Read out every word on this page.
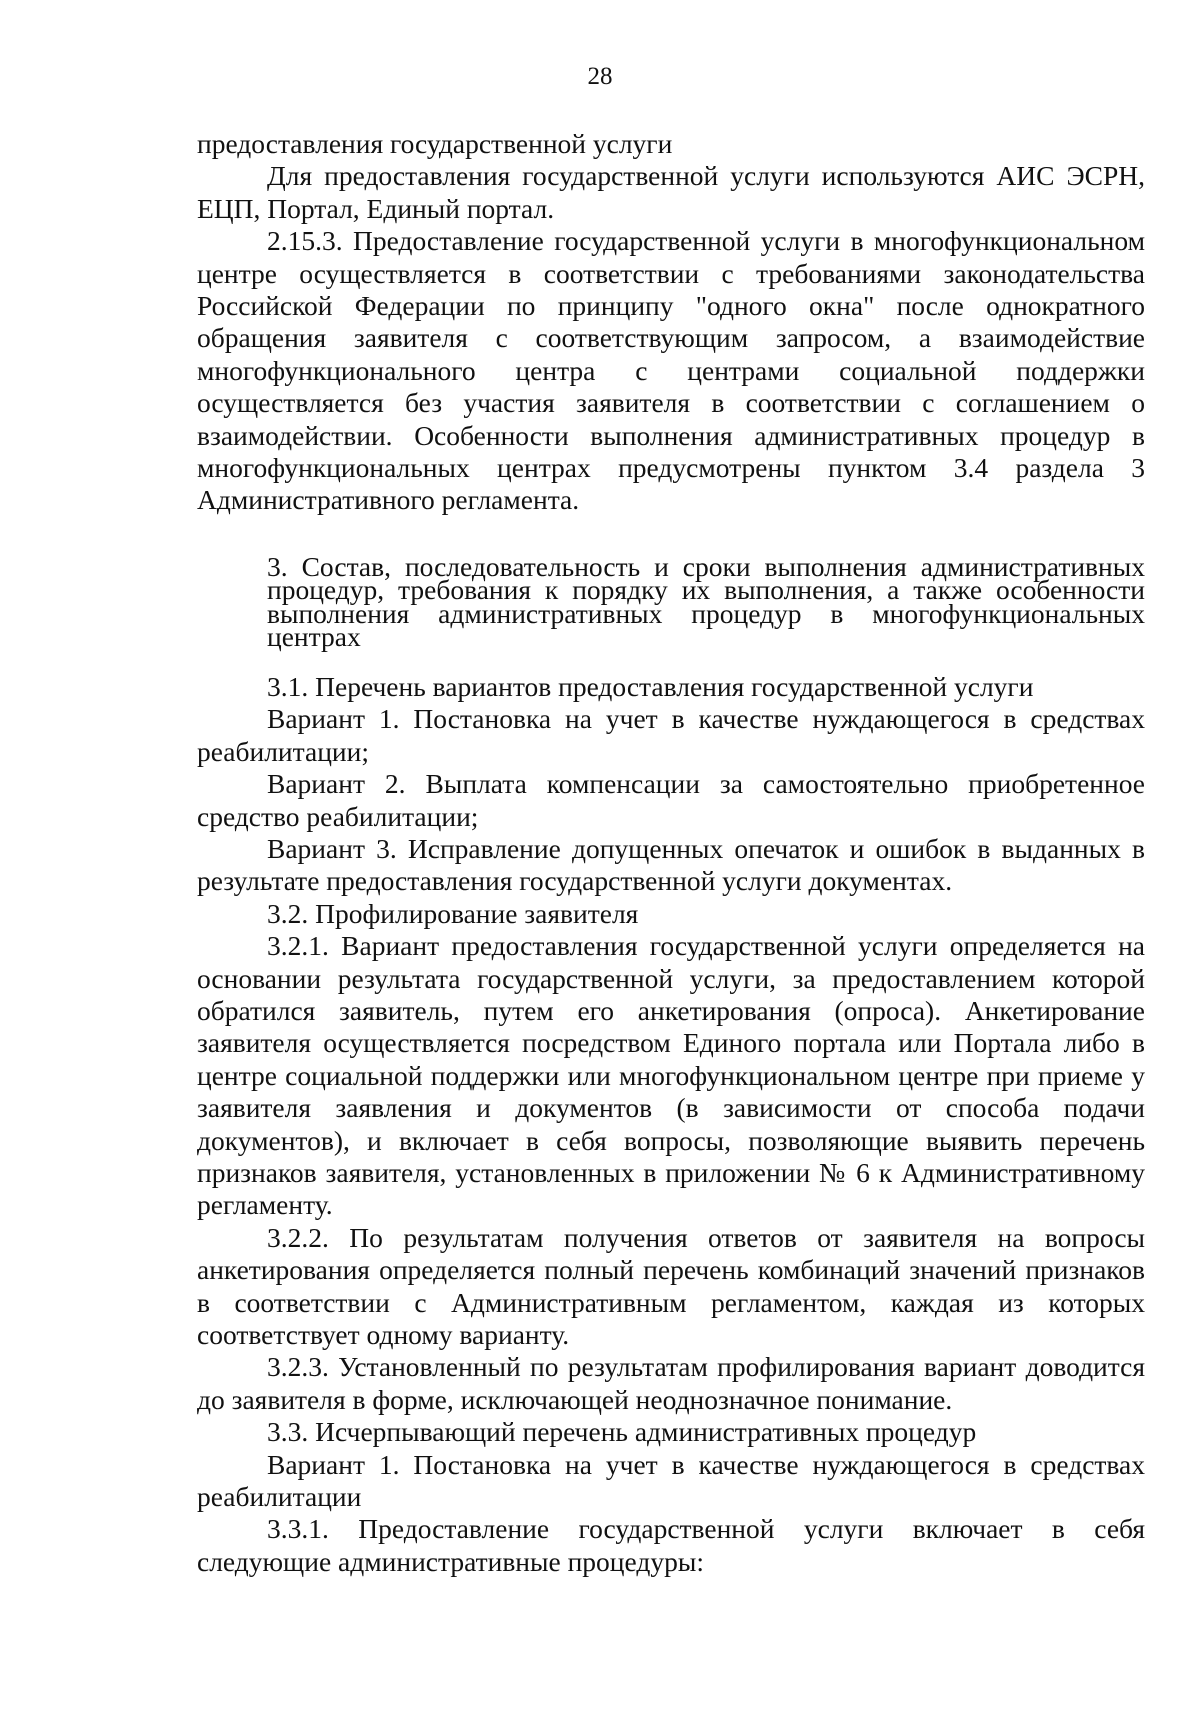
28

предоставления государственной услуги

Для предоставления государственной услуги используются АИС ЭСРН, ЕЦП, Портал, Единый портал.

2.15.3. Предоставление государственной услуги в многофункциональном центре осуществляется в соответствии с требованиями законодательства Российской Федерации по принципу "одного окна" после однократного обращения заявителя с соответствующим запросом, а взаимодействие многофункционального центра с центрами социальной поддержки осуществляется без участия заявителя в соответствии с соглашением о взаимодействии. Особенности выполнения административных процедур в многофункциональных центрах предусмотрены пунктом 3.4 раздела 3 Административного регламента.

3. Состав, последовательность и сроки выполнения административных процедур, требования к порядку их выполнения, а также особенности выполнения административных процедур в многофункциональных центрах

3.1. Перечень вариантов предоставления государственной услуги

Вариант 1. Постановка на учет в качестве нуждающегося в средствах реабилитации;

Вариант 2. Выплата компенсации за самостоятельно приобретенное средство реабилитации;

Вариант 3. Исправление допущенных опечаток и ошибок в выданных в результате предоставления государственной услуги документах.

3.2. Профилирование заявителя

3.2.1. Вариант предоставления государственной услуги определяется на основании результата государственной услуги, за предоставлением которой обратился заявитель, путем его анкетирования (опроса). Анкетирование заявителя осуществляется посредством Единого портала или Портала либо в центре социальной поддержки или многофункциональном центре при приеме у заявителя заявления и документов (в зависимости от способа подачи документов), и включает в себя вопросы, позволяющие выявить перечень признаков заявителя, установленных в приложении № 6 к Административному регламенту.

3.2.2. По результатам получения ответов от заявителя на вопросы анкетирования определяется полный перечень комбинаций значений признаков в соответствии с Административным регламентом, каждая из которых соответствует одному варианту.

3.2.3. Установленный по результатам профилирования вариант доводится до заявителя в форме, исключающей неоднозначное понимание.

3.3. Исчерпывающий перечень административных процедур

Вариант 1. Постановка на учет в качестве нуждающегося в средствах реабилитации

3.3.1. Предоставление государственной услуги включает в себя следующие административные процедуры:
